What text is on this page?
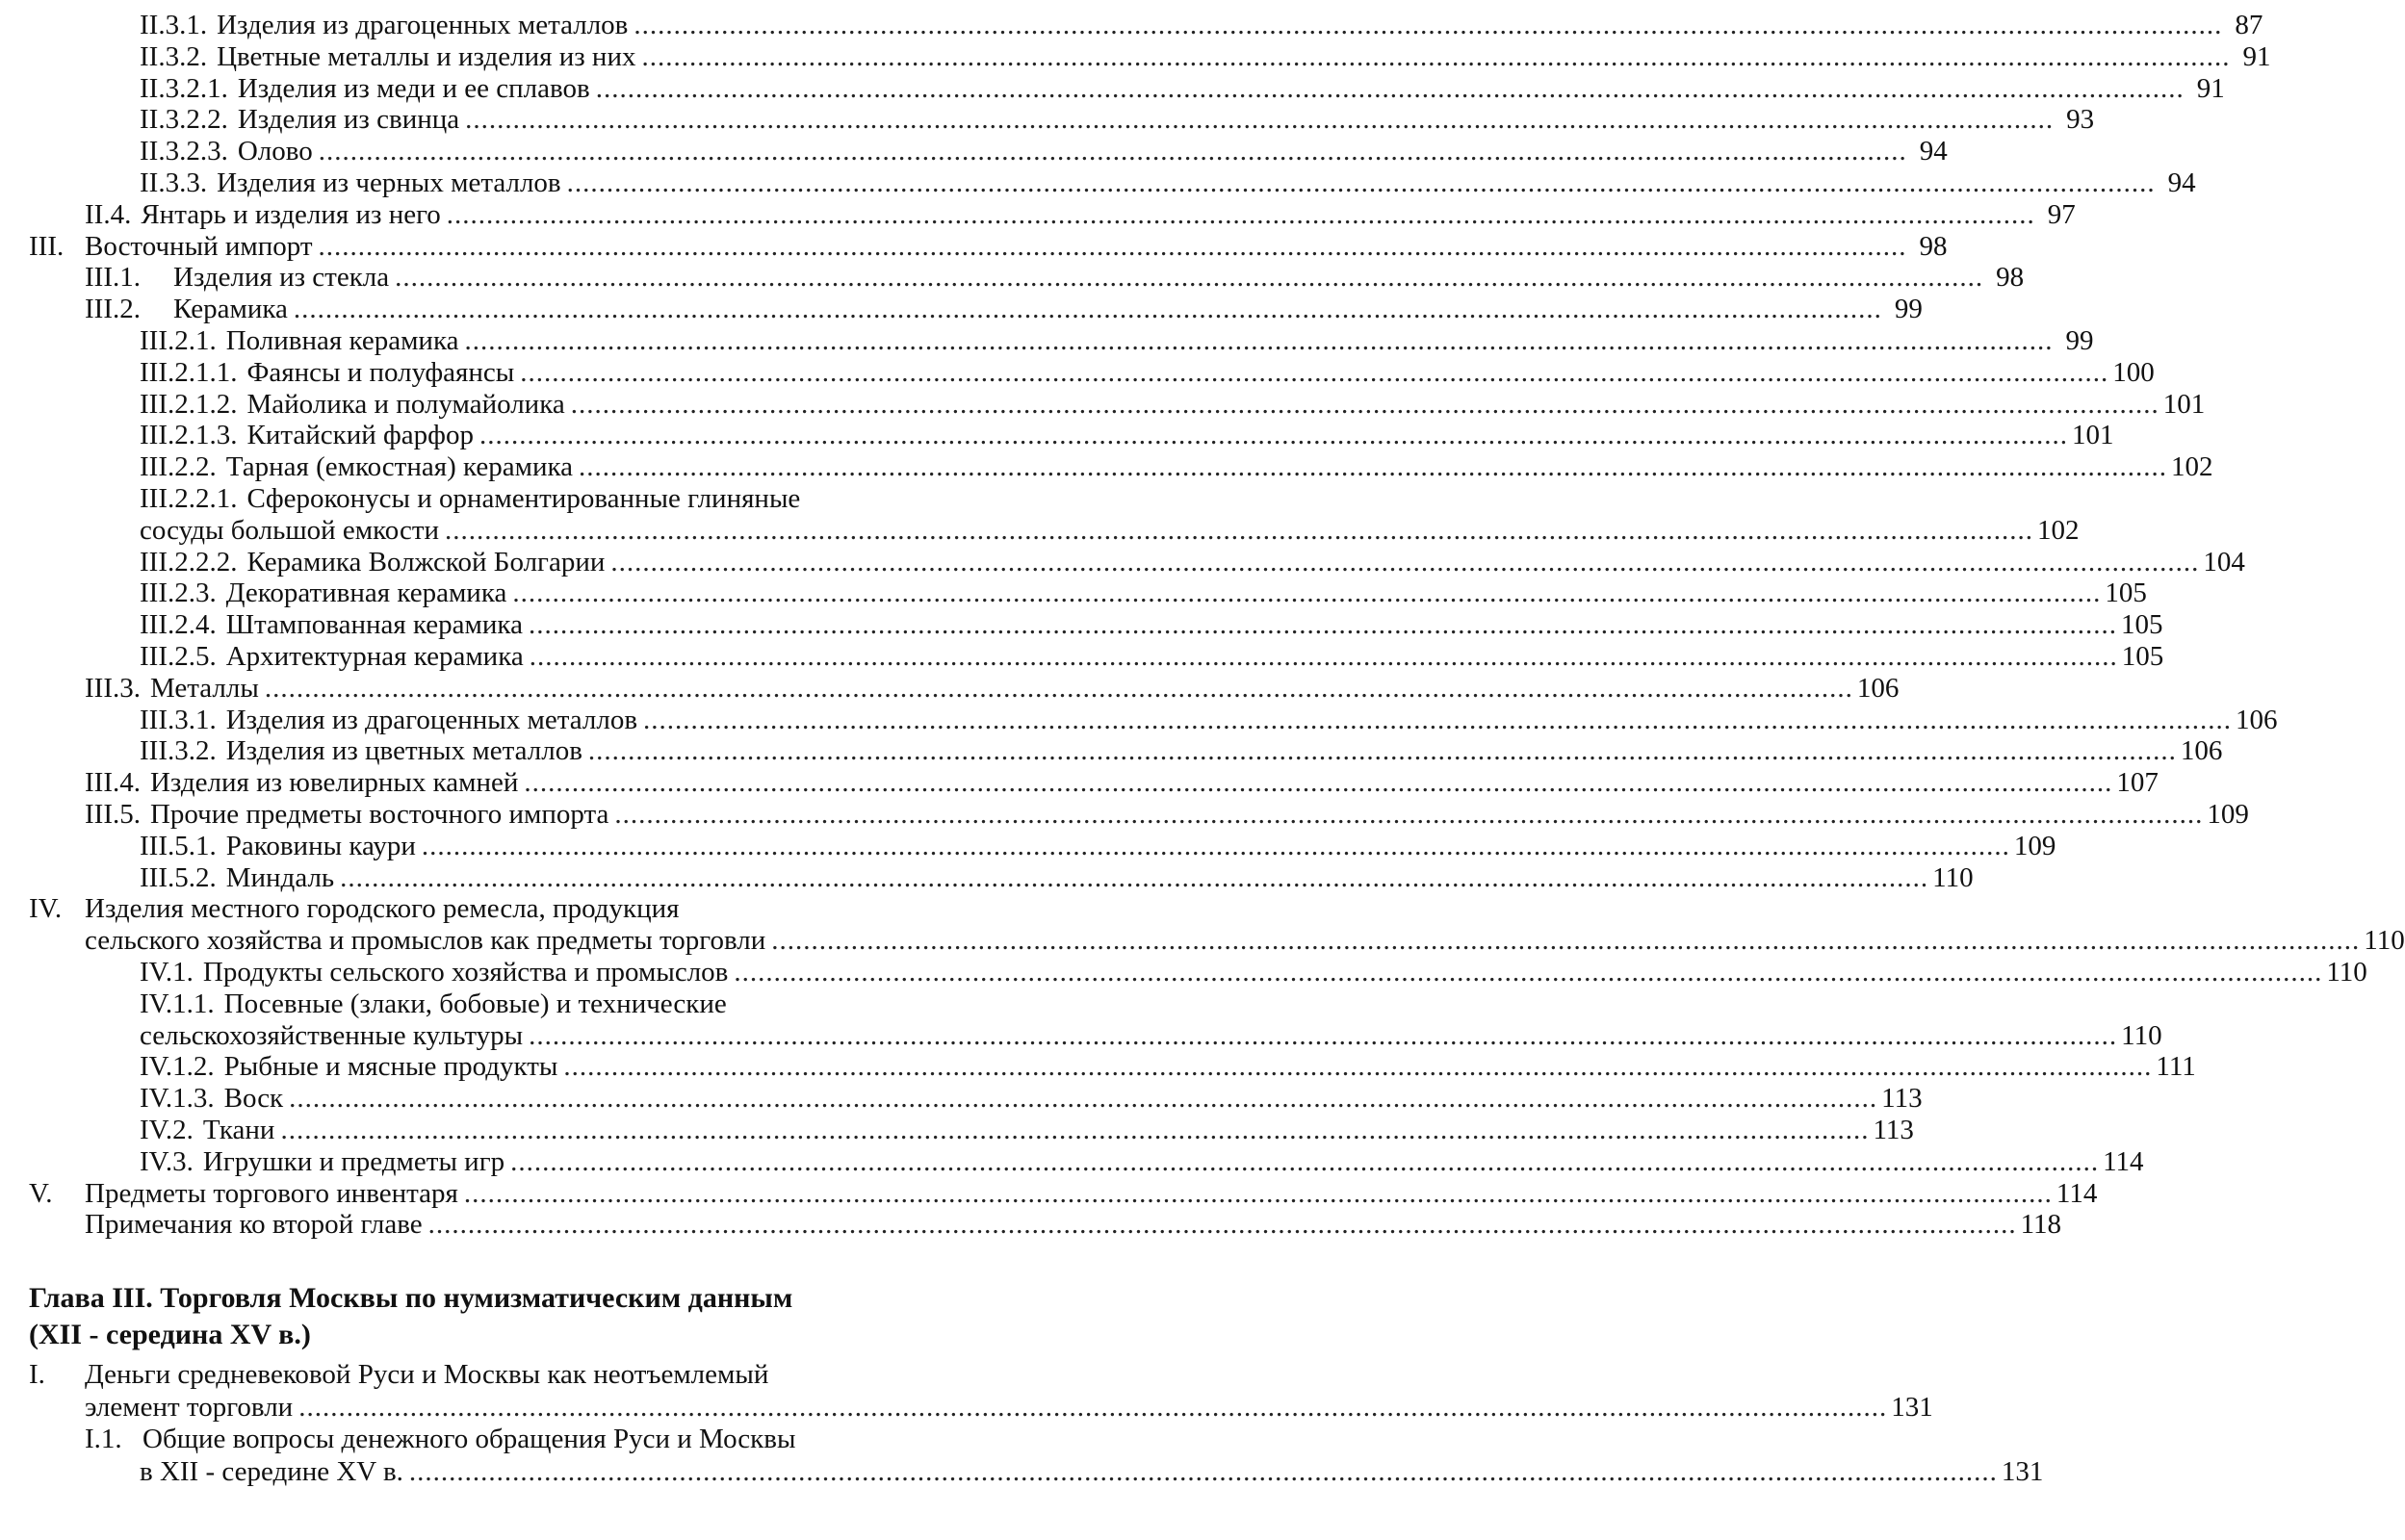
II.3.1. Изделия из драгоценных металлов ........................................................................................................................................................................................................ 87
II.3.2. Цветные металлы и изделия из них ........................................................................................................................................................................................................ 91
II.3.2.1. Изделия из меди и ее сплавов ........................................................................................................................................................................................................ 91
II.3.2.2. Изделия из свинца ........................................................................................................................................................................................................ 93
II.3.2.3. Олово ........................................................................................................................................................................................................ 94
II.3.3. Изделия из черных металлов ........................................................................................................................................................................................................ 94
II.4. Янтарь и изделия из него ........................................................................................................................................................................................................ 97
III. Восточный импорт ........................................................................................................................................................................................................ 98
III.1. Изделия из стекла ........................................................................................................................................................................................................ 98
III.2. Керамика ........................................................................................................................................................................................................ 99
III.2.1. Поливная керамика ........................................................................................................................................................................................................ 99
III.2.1.1. Фаянсы и полуфаянсы ........................................................................................................................................................................................................ 100
III.2.1.2. Майолика и полумайолика ........................................................................................................................................................................................................ 101
III.2.1.3. Китайский фарфор ........................................................................................................................................................................................................ 101
III.2.2. Тарная (емкостная) керамика ........................................................................................................................................................................................................ 102
III.2.2.1. Сфероконусы и орнаментированные глиняные
сосуды большой емкости ........................................................................................................................................................................................................ 102
III.2.2.2. Керамика Волжской Болгарии ........................................................................................................................................................................................................ 104
III.2.3. Декоративная керамика ........................................................................................................................................................................................................ 105
III.2.4. Штампованная керамика ........................................................................................................................................................................................................ 105
III.2.5. Архитектурная керамика ........................................................................................................................................................................................................ 105
III.3. Металлы ........................................................................................................................................................................................................ 106
III.3.1. Изделия из драгоценных металлов ........................................................................................................................................................................................................ 106
III.3.2. Изделия из цветных металлов ........................................................................................................................................................................................................ 106
III.4. Изделия из ювелирных камней ........................................................................................................................................................................................................ 107
III.5. Прочие предметы восточного импорта ........................................................................................................................................................................................................ 109
III.5.1. Раковины каури ........................................................................................................................................................................................................ 109
III.5.2. Миндаль ........................................................................................................................................................................................................ 110
IV. Изделия местного городского ремесла, продукция
сельского хозяйства и промыслов как предметы торговли ........................................................................................................................................................................................................ 110
IV.1. Продукты сельского хозяйства и промыслов ........................................................................................................................................................................................................ 110
IV.1.1. Посевные (злаки, бобовые) и технические
сельскохозяйственные культуры ........................................................................................................................................................................................................ 110
IV.1.2. Рыбные и мясные продукты ........................................................................................................................................................................................................ 111
IV.1.3. Воск ........................................................................................................................................................................................................ 113
IV.2. Ткани ........................................................................................................................................................................................................ 113
IV.3. Игрушки и предметы игр ........................................................................................................................................................................................................ 114
V. Предметы торгового инвентаря ........................................................................................................................................................................................................ 114
Примечания ко второй главе ........................................................................................................................................................................................................ 118
Глава III. Торговля Москвы по нумизматическим данным
(XII - середина XV в.)
I. Деньги средневековой Руси и Москвы как неотъемлемый
элемент торговли ........................................................................................................................................................................................................ 131
I.1. Общие вопросы денежного обращения Руси и Москвы
в XII - середине XV в. ........................................................................................................................................................................................................ 131
